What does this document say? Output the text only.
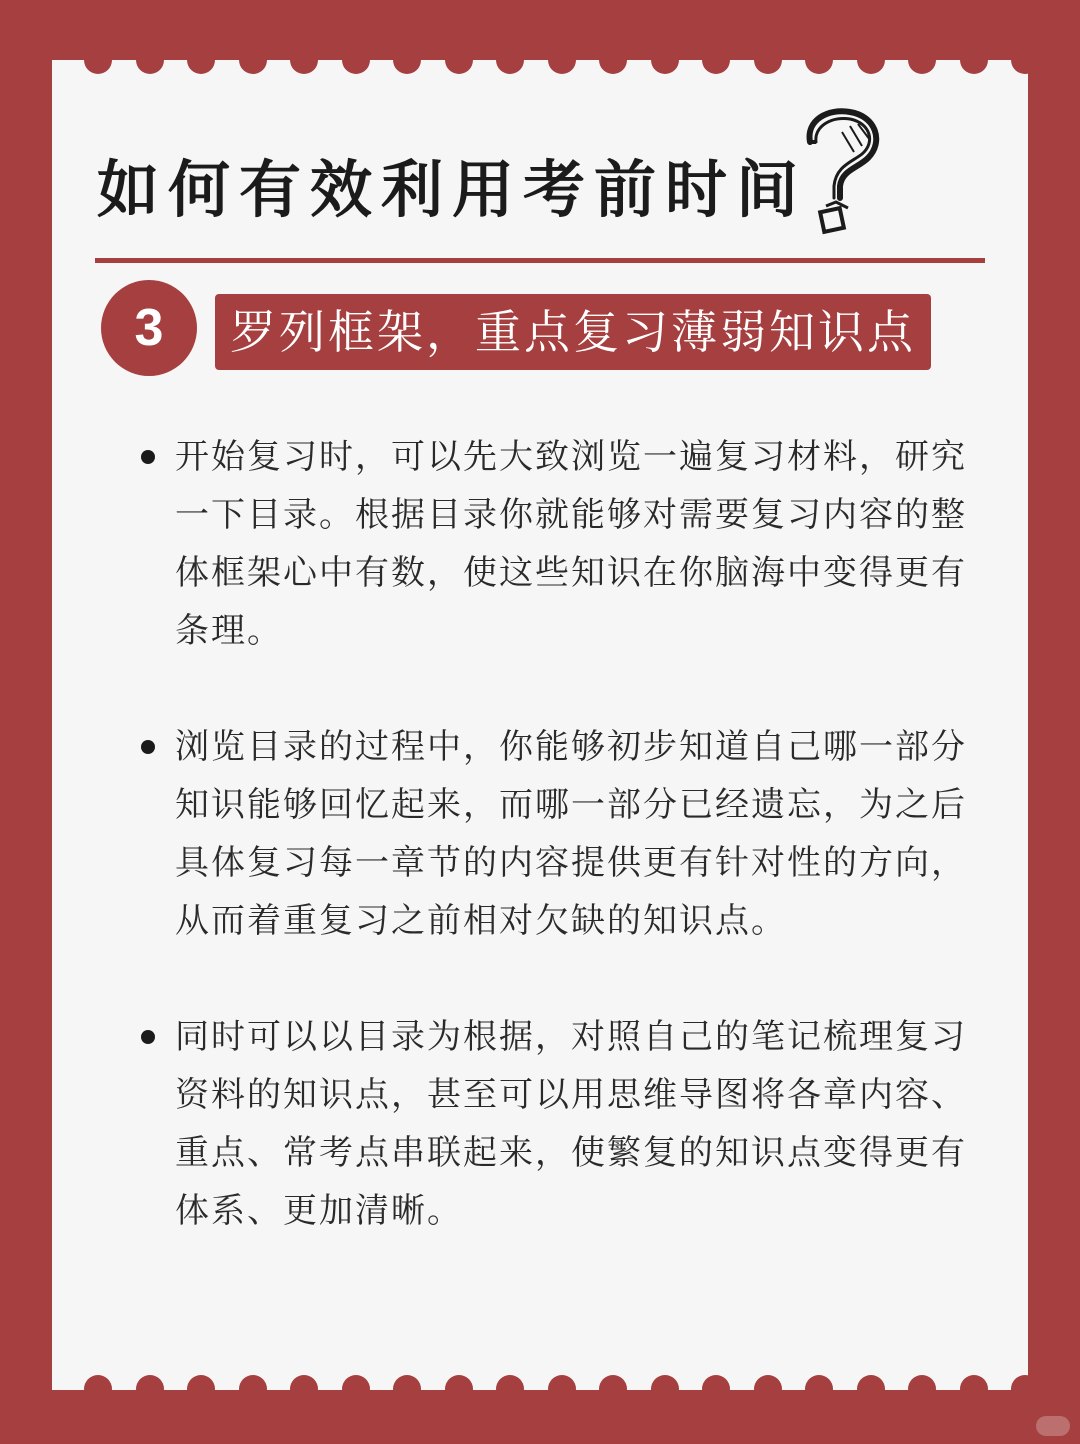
如何有效利用考前时间
3	罗列框架，重点复习薄弱知识点
开始复习时，可以先大致浏览一遍复习材料，研究一下目录。根据目录你就能够对需要复习内容的整体框架心中有数，使这些知识在你脑海中变得更有条理。
浏览目录的过程中，你能够初步知道自己哪一部分知识能够回忆起来，而哪一部分已经遗忘，为之后具体复习每一章节的内容提供更有针对性的方向，从而着重复习之前相对欠缺的知识点。
同时可以以目录为根据，对照自己的笔记梳理复习资料的知识点，甚至可以用思维导图将各章内容、重点、常考点串联起来，使繁复的知识点变得更有体系、更加清晰。
